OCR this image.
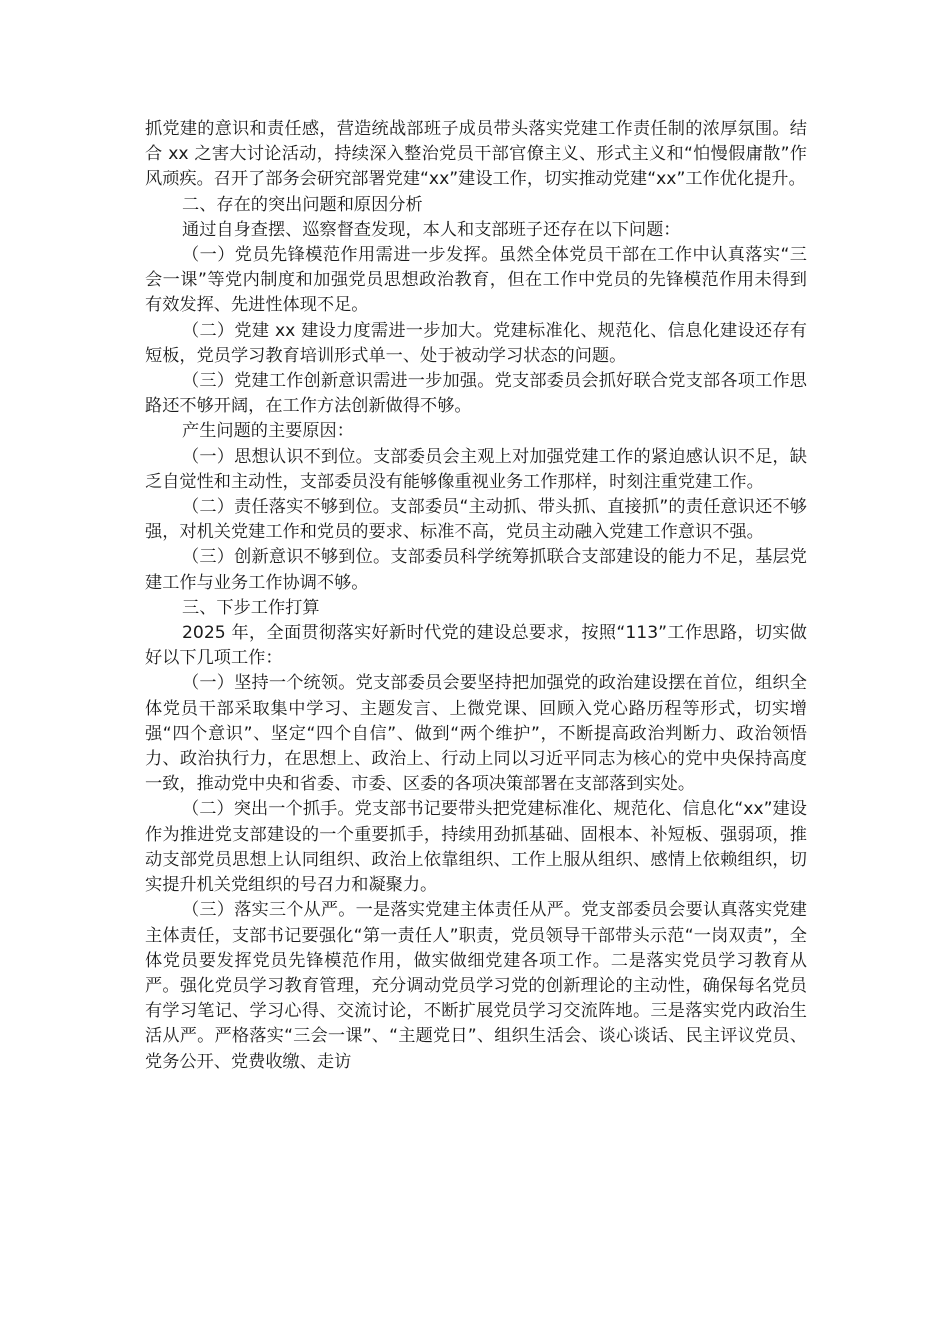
抓党建的意识和责任感，营造统战部班子成员带头落实党建工作责任制的浓厚氛围。结合 xx 之害大讨论活动，持续深入整治党员干部官僚主义、形式主义和“怕慢假庸散”作风顽疾。召开了部务会研究部署党建“xx”建设工作，切实推动党建“xx”工作优化提升。

二、存在的突出问题和原因分析

通过自身查摆、巡察督查发现，本人和支部班子还存在以下问题：

（一）党员先锋模范作用需进一步发挥。虽然全体党员干部在工作中认真落实“三会一课”等党内制度和加强党员思想政治教育，但在工作中党员的先锋模范作用未得到有效发挥、先进性体现不足。

（二）党建 xx 建设力度需进一步加大。党建标准化、规范化、信息化建设还存有短板，党员学习教育培训形式单一、处于被动学习状态的问题。

（三）党建工作创新意识需进一步加强。党支部委员会抓好联合党支部各项工作思路还不够开阔，在工作方法创新做得不够。

产生问题的主要原因：

（一）思想认识不到位。支部委员会主观上对加强党建工作的紧迫感认识不足，缺乏自觉性和主动性，支部委员没有能够像重视业务工作那样，时刻注重党建工作。

（二）责任落实不够到位。支部委员“主动抓、带头抓、直接抓”的责任意识还不够强，对机关党建工作和党员的要求、标准不高，党员主动融入党建工作意识不强。

（三）创新意识不够到位。支部委员科学统筹抓联合支部建设的能力不足，基层党建工作与业务工作协调不够。

三、下步工作打算

2025 年，全面贯彻落实好新时代党的建设总要求，按照“113”工作思路，切实做好以下几项工作：

（一）坚持一个统领。党支部委员会要坚持把加强党的政治建设摆在首位，组织全体党员干部采取集中学习、主题发言、上微党课、回顾入党心路历程等形式，切实增强“四个意识”、坚定“四个自信”、做到“两个维护”，不断提高政治判断力、政治领悟力、政治执行力，在思想上、政治上、行动上同以习近平同志为核心的党中央保持高度一致，推动党中央和省委、市委、区委的各项决策部署在支部落到实处。

（二）突出一个抓手。党支部书记要带头把党建标准化、规范化、信息化“xx”建设作为推进党支部建设的一个重要抓手，持续用劲抓基础、固根本、补短板、强弱项，推动支部党员思想上认同组织、政治上依靠组织、工作上服从组织、感情上依赖组织，切实提升机关党组织的号召力和凝聚力。

（三）落实三个从严。一是落实党建主体责任从严。党支部委员会要认真落实党建主体责任，支部书记要强化“第一责任人”职责，党员领导干部带头示范“一岗双责”，全体党员要发挥党员先锋模范作用，做实做细党建各项工作。二是落实党员学习教育从严。强化党员学习教育管理，充分调动党员学习党的创新理论的主动性，确保每名党员有学习笔记、学习心得、交流讨论，不断扩展党员学习交流阵地。三是落实党内政治生活从严。严格落实“三会一课”、“主题党日”、组织生活会、谈心谈话、民主评议党员、党务公开、党费收缴、走访
